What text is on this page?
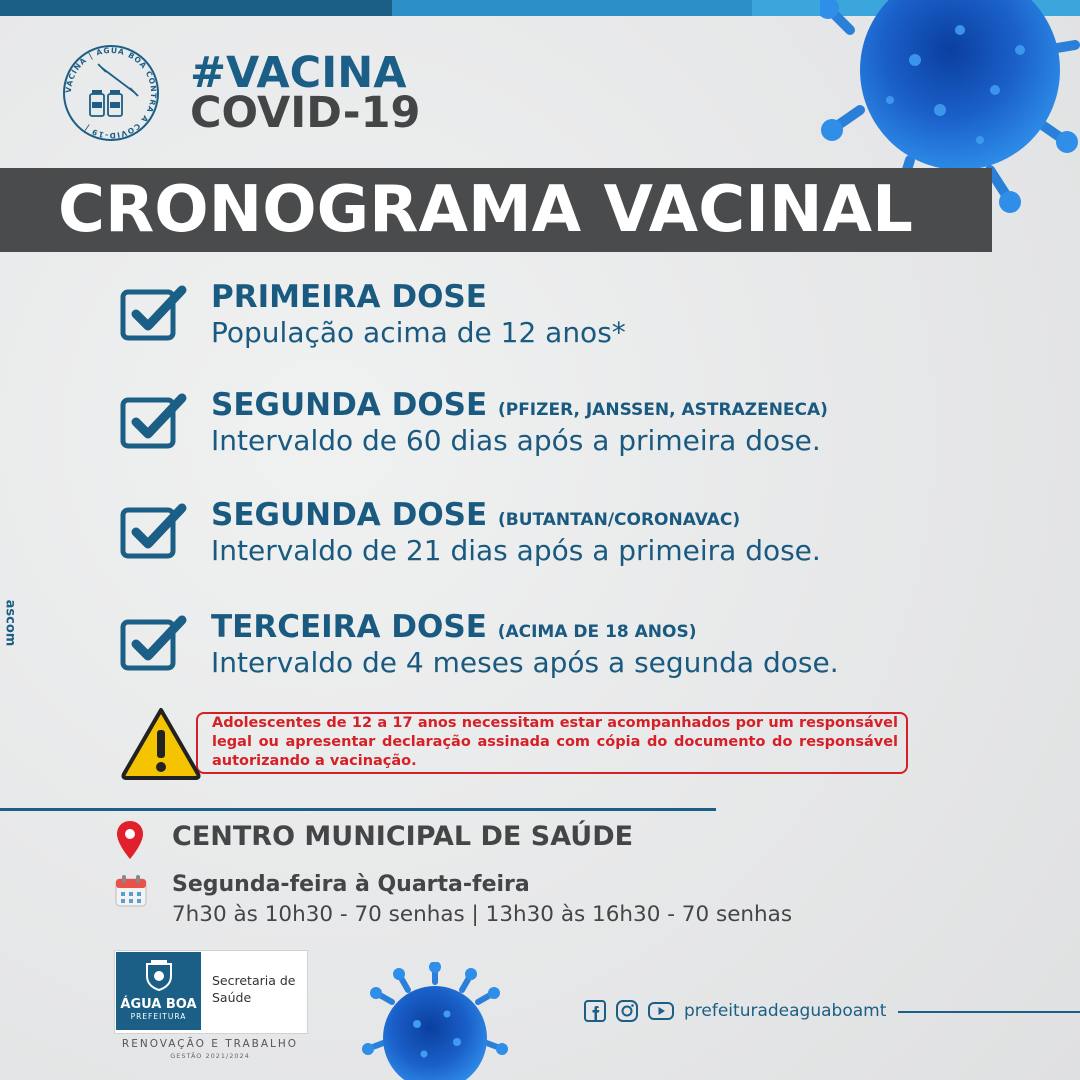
VACINA | ÁGUA BOA CONTRA A COVID-19 |
#VACINA
COVID-19
CRONOGRAMA VACINAL
PRIMEIRA DOSE
População acima de 12 anos*
SEGUNDA DOSE (PFIZER, JANSSEN, ASTRAZENECA)
Intervaldo de 60 dias após a primeira dose.
SEGUNDA DOSE (BUTANTAN/CORONAVAC)
Intervaldo de 21 dias após a primeira dose.
TERCEIRA DOSE (ACIMA DE 18 ANOS)
Intervaldo de 4 meses após a segunda dose.
Adolescentes de 12 a 17 anos necessitam estar acompanhados por um responsável legal ou apresentar declaração assinada com cópia do documento do responsável autorizando a vacinação.
CENTRO MUNICIPAL DE SAÚDE
Segunda-feira à Quarta-feira
7h30 às 10h30 - 70 senhas | 13h30 às 16h30 - 70 senhas
ÁGUA BOA
PREFEITURA
Secretaria de Saúde
RENOVAÇÃO E TRABALHO
GESTÃO 2021/2024
prefeituradeaguaboamt
ascom
